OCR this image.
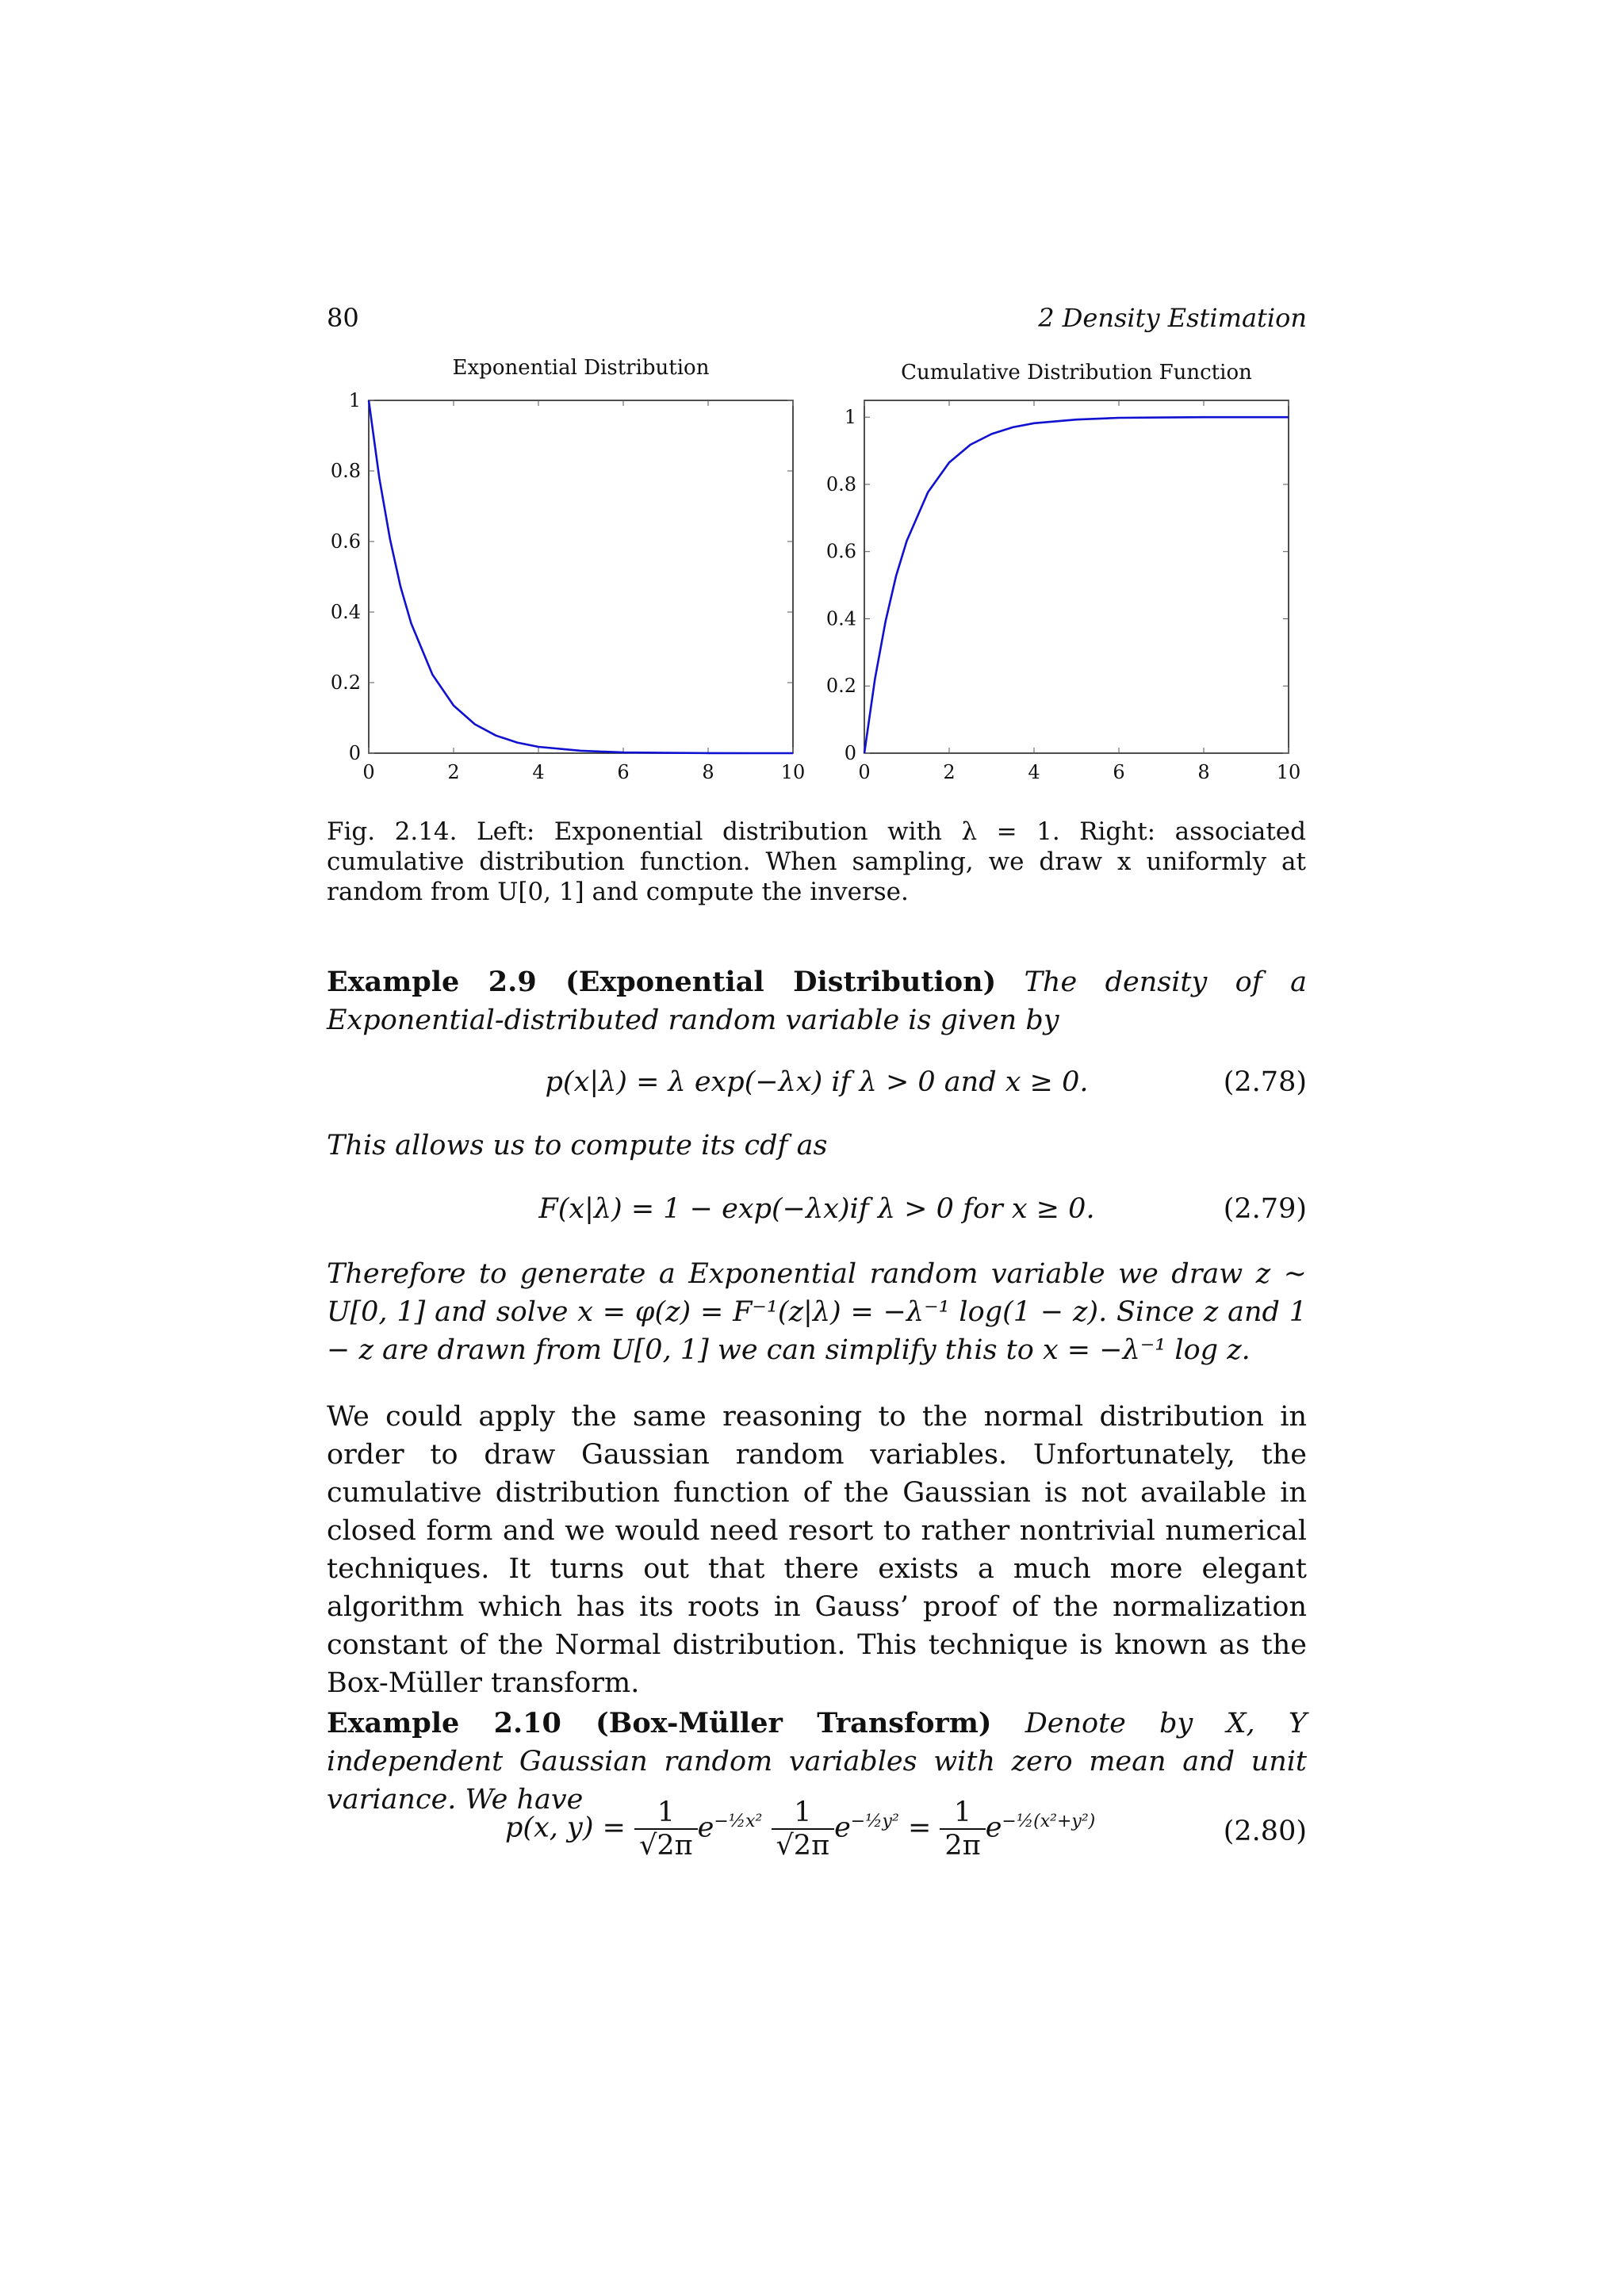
80	2 Density Estimation
Exponential Distribution
0	2	4	6	8	10
0
0.2
0.4
0.6
0.8
1
Cumulative Distribution Function
0	2	4	6	8	10
0
0.2
0.4
0.6
0.8
1
Fig. 2.14. Left: Exponential distribution with λ = 1. Right: associated cumulative distribution function. When sampling, we draw x uniformly at random from U[0, 1] and compute the inverse.
Example 2.9 (Exponential Distribution) The density of a Exponential-distributed random variable is given by
p(x|λ) = λ exp(−λx) if λ > 0 and x ≥ 0.	(2.78)
This allows us to compute its cdf as
F(x|λ) = 1 − exp(−λx)if λ > 0 for x ≥ 0.	(2.79)
Therefore to generate a Exponential random variable we draw z ∼ U[0, 1] and solve x = φ(z) = F⁻¹(z|λ) = −λ⁻¹ log(1 − z). Since z and 1 − z are drawn from U[0, 1] we can simplify this to x = −λ⁻¹ log z.
We could apply the same reasoning to the normal distribution in order to draw Gaussian random variables. Unfortunately, the cumulative distribution function of the Gaussian is not available in closed form and we would need resort to rather nontrivial numerical techniques. It turns out that there exists a much more elegant algorithm which has its roots in Gauss’ proof of the normalization constant of the Normal distribution. This technique is known as the Box-Müller transform.
Example 2.10 (Box-Müller Transform) Denote by X, Y independent Gaussian random variables with zero mean and unit variance. We have
p(x, $y) = \frac{1}{√2\pi} e^{-\frac{1}{2}x^2} \frac{1}{√2\pi} e^{-\frac{1}{2}y^2} = \frac{1}{2\pi} e^{-\frac{1}{2}(x^2+y^2)}$	(2.80)
